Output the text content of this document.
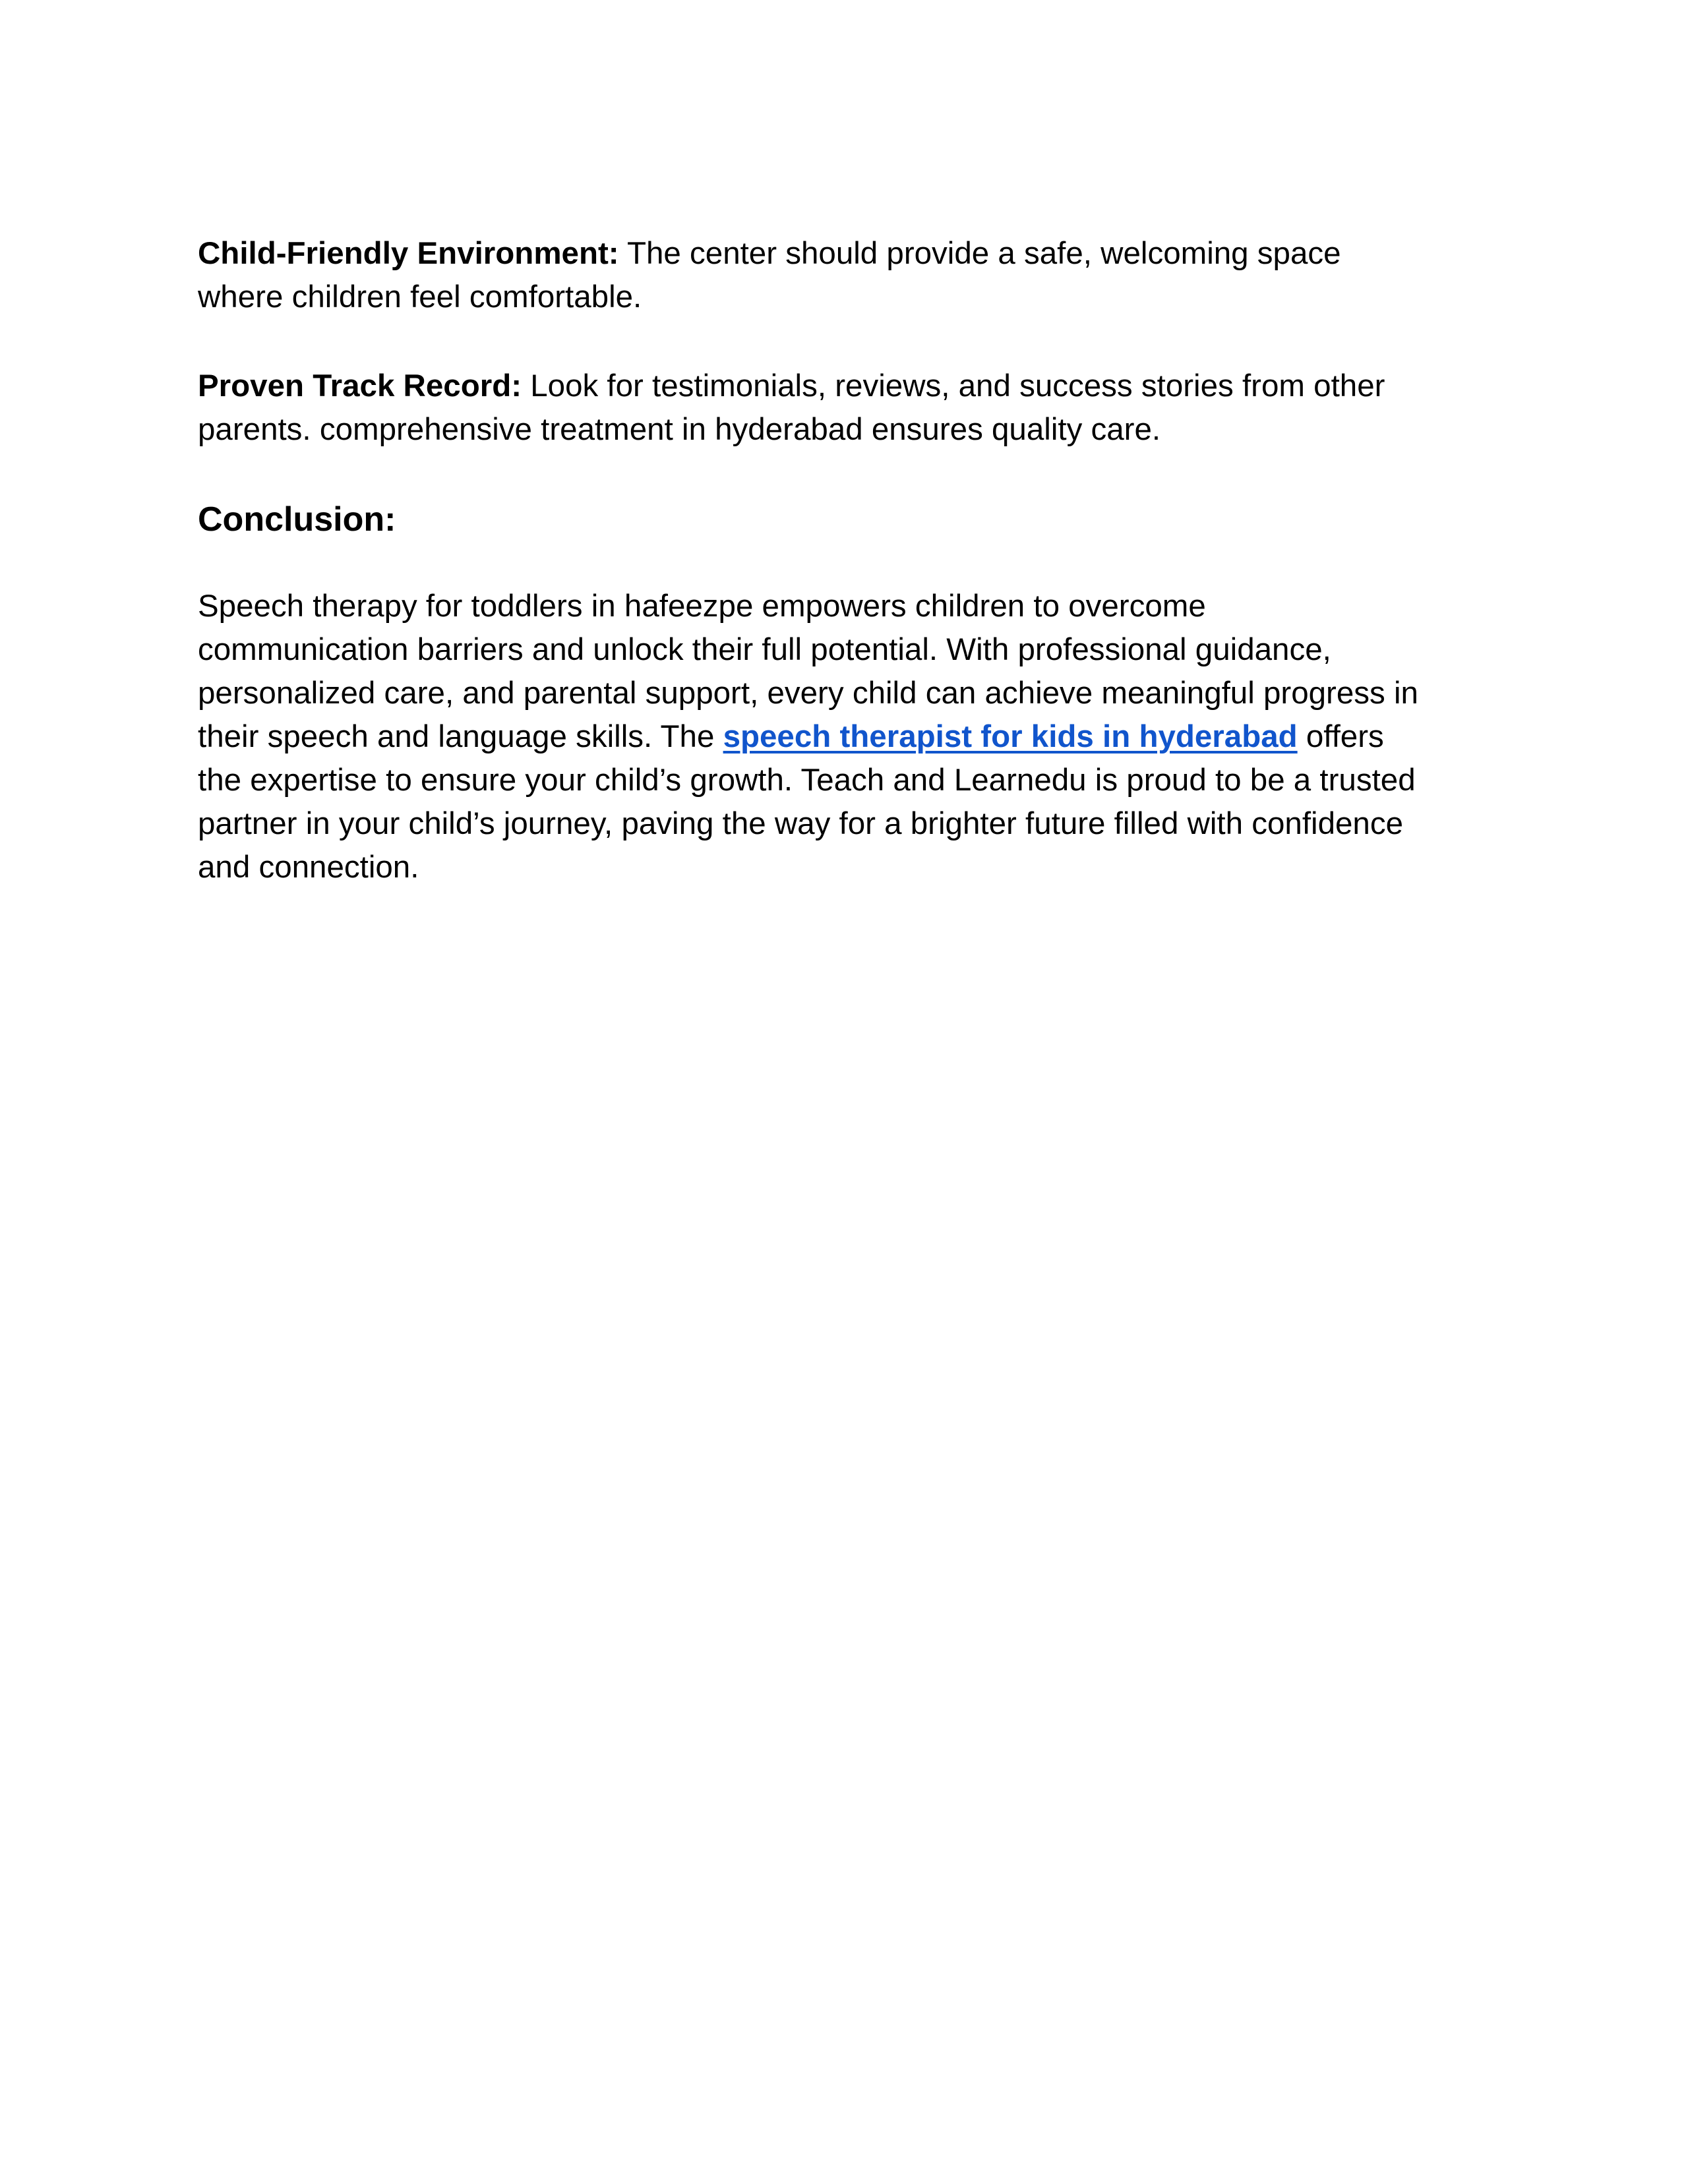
Child-Friendly Environment: The center should provide a safe, welcoming space
where children feel comfortable.

Proven Track Record: Look for testimonials, reviews, and success stories from other
parents. comprehensive treatment in hyderabad ensures quality care.

Conclusion:

Speech therapy for toddlers in hafeezpe empowers children to overcome
communication barriers and unlock their full potential. With professional guidance,
personalized care, and parental support, every child can achieve meaningful progress in
their speech and language skills. The speech therapist for kids in hyderabad offers
the expertise to ensure your child’s growth. Teach and Learnedu is proud to be a trusted
partner in your child’s journey, paving the way for a brighter future filled with confidence
and connection.
